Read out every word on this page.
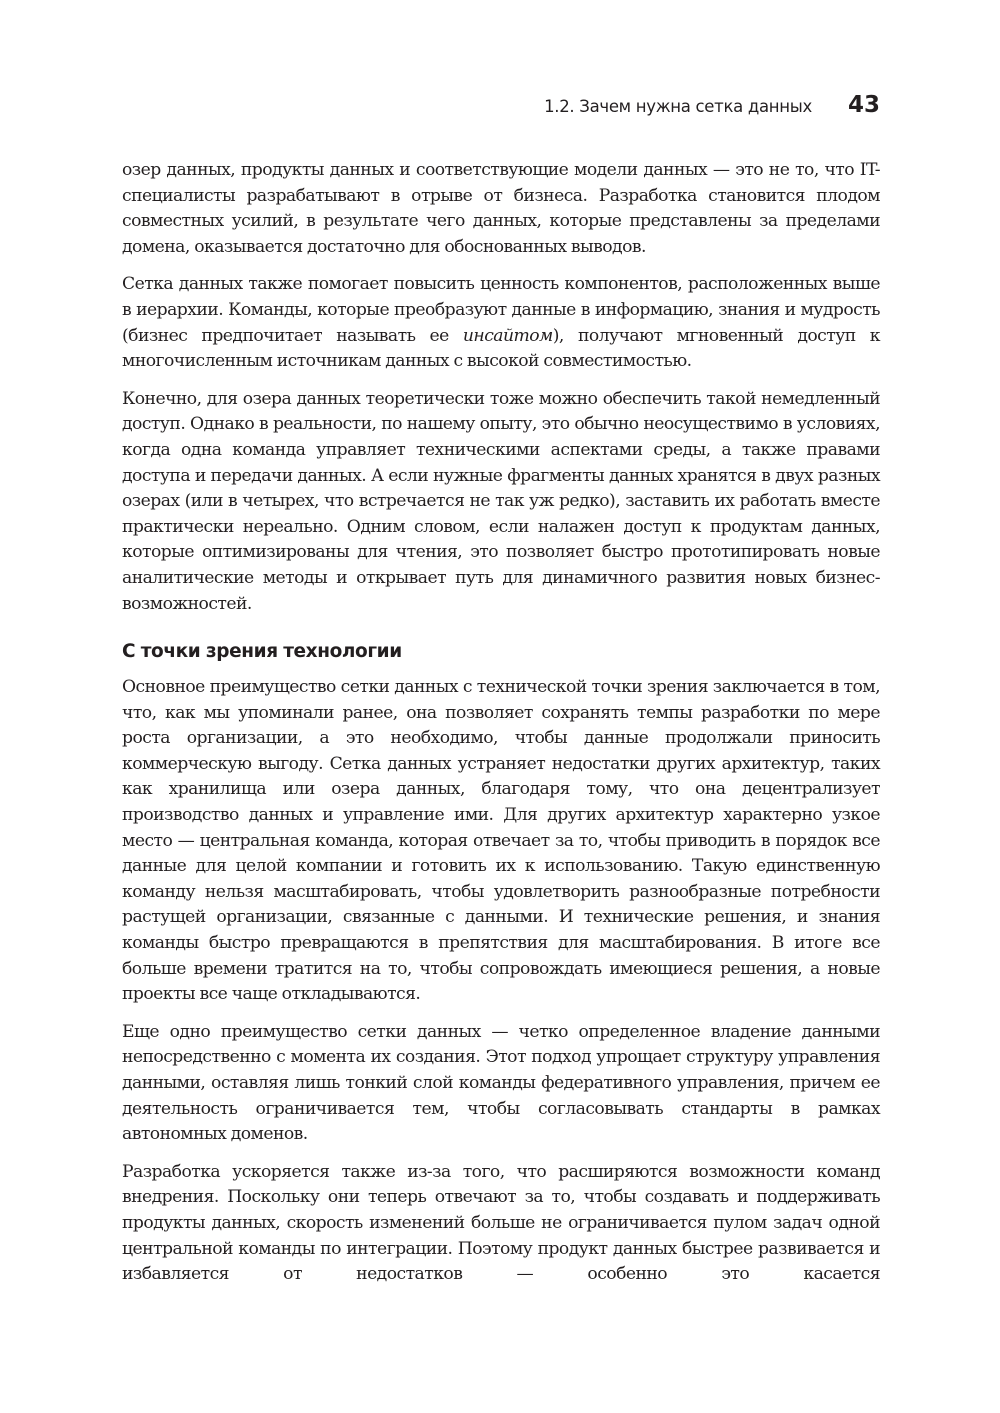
1.2. Зачем нужна сетка данных 43

озер данных, продукты данных и соответствующие модели данных — это не то, что IT-специалисты разрабатывают в отрыве от бизнеса. Разработка становится плодом совместных усилий, в результате чего данных, которые представлены за пределами домена, оказывается достаточно для обоснованных выводов.

Сетка данных также помогает повысить ценность компонентов, расположенных выше в иерархии. Команды, которые преобразуют данные в информацию, знания и мудрость (бизнес предпочитает называть ее инсайтом), получают мгновенный доступ к многочисленным источникам данных с высокой совместимостью.

Конечно, для озера данных теоретически тоже можно обеспечить такой немедленный доступ. Однако в реальности, по нашему опыту, это обычно неосуществимо в условиях, когда одна команда управляет техническими аспектами среды, а также правами доступа и передачи данных. А если нужные фрагменты данных хранятся в двух разных озерах (или в четырех, что встречается не так уж редко), заставить их работать вместе практически нереально. Одним словом, если налажен доступ к продуктам данных, которые оптимизированы для чтения, это позволяет быстро прототипировать новые аналитические методы и открывает путь для динамичного развития новых бизнес-возможностей.

С точки зрения технологии

Основное преимущество сетки данных с технической точки зрения заключается в том, что, как мы упоминали ранее, она позволяет сохранять темпы разработки по мере роста организации, а это необходимо, чтобы данные продолжали приносить коммерческую выгоду. Сетка данных устраняет недостатки других архитектур, таких как хранилища или озера данных, благодаря тому, что она децентрализует производство данных и управление ими. Для других архитектур характерно узкое место — центральная команда, которая отвечает за то, чтобы приводить в порядок все данные для целой компании и готовить их к использованию. Такую единственную команду нельзя масштабировать, чтобы удовлетворить разнообразные потребности растущей организации, связанные с данными. И технические решения, и знания команды быстро превращаются в препятствия для масштабирования. В итоге все больше времени тратится на то, чтобы сопровождать имеющиеся решения, а новые проекты все чаще откладываются.

Еще одно преимущество сетки данных — четко определенное владение данными непосредственно с момента их создания. Этот подход упрощает структуру управления данными, оставляя лишь тонкий слой команды федеративного управления, причем ее деятельность ограничивается тем, чтобы согласовывать стандарты в рамках автономных доменов.

Разработка ускоряется также из-за того, что расширяются возможности команд внедрения. Поскольку они теперь отвечают за то, чтобы создавать и поддерживать продукты данных, скорость изменений больше не ограничивается пулом задач одной центральной команды по интеграции. Поэтому продукт данных быстрее развивается и избавляется от недостатков — особенно это касается
